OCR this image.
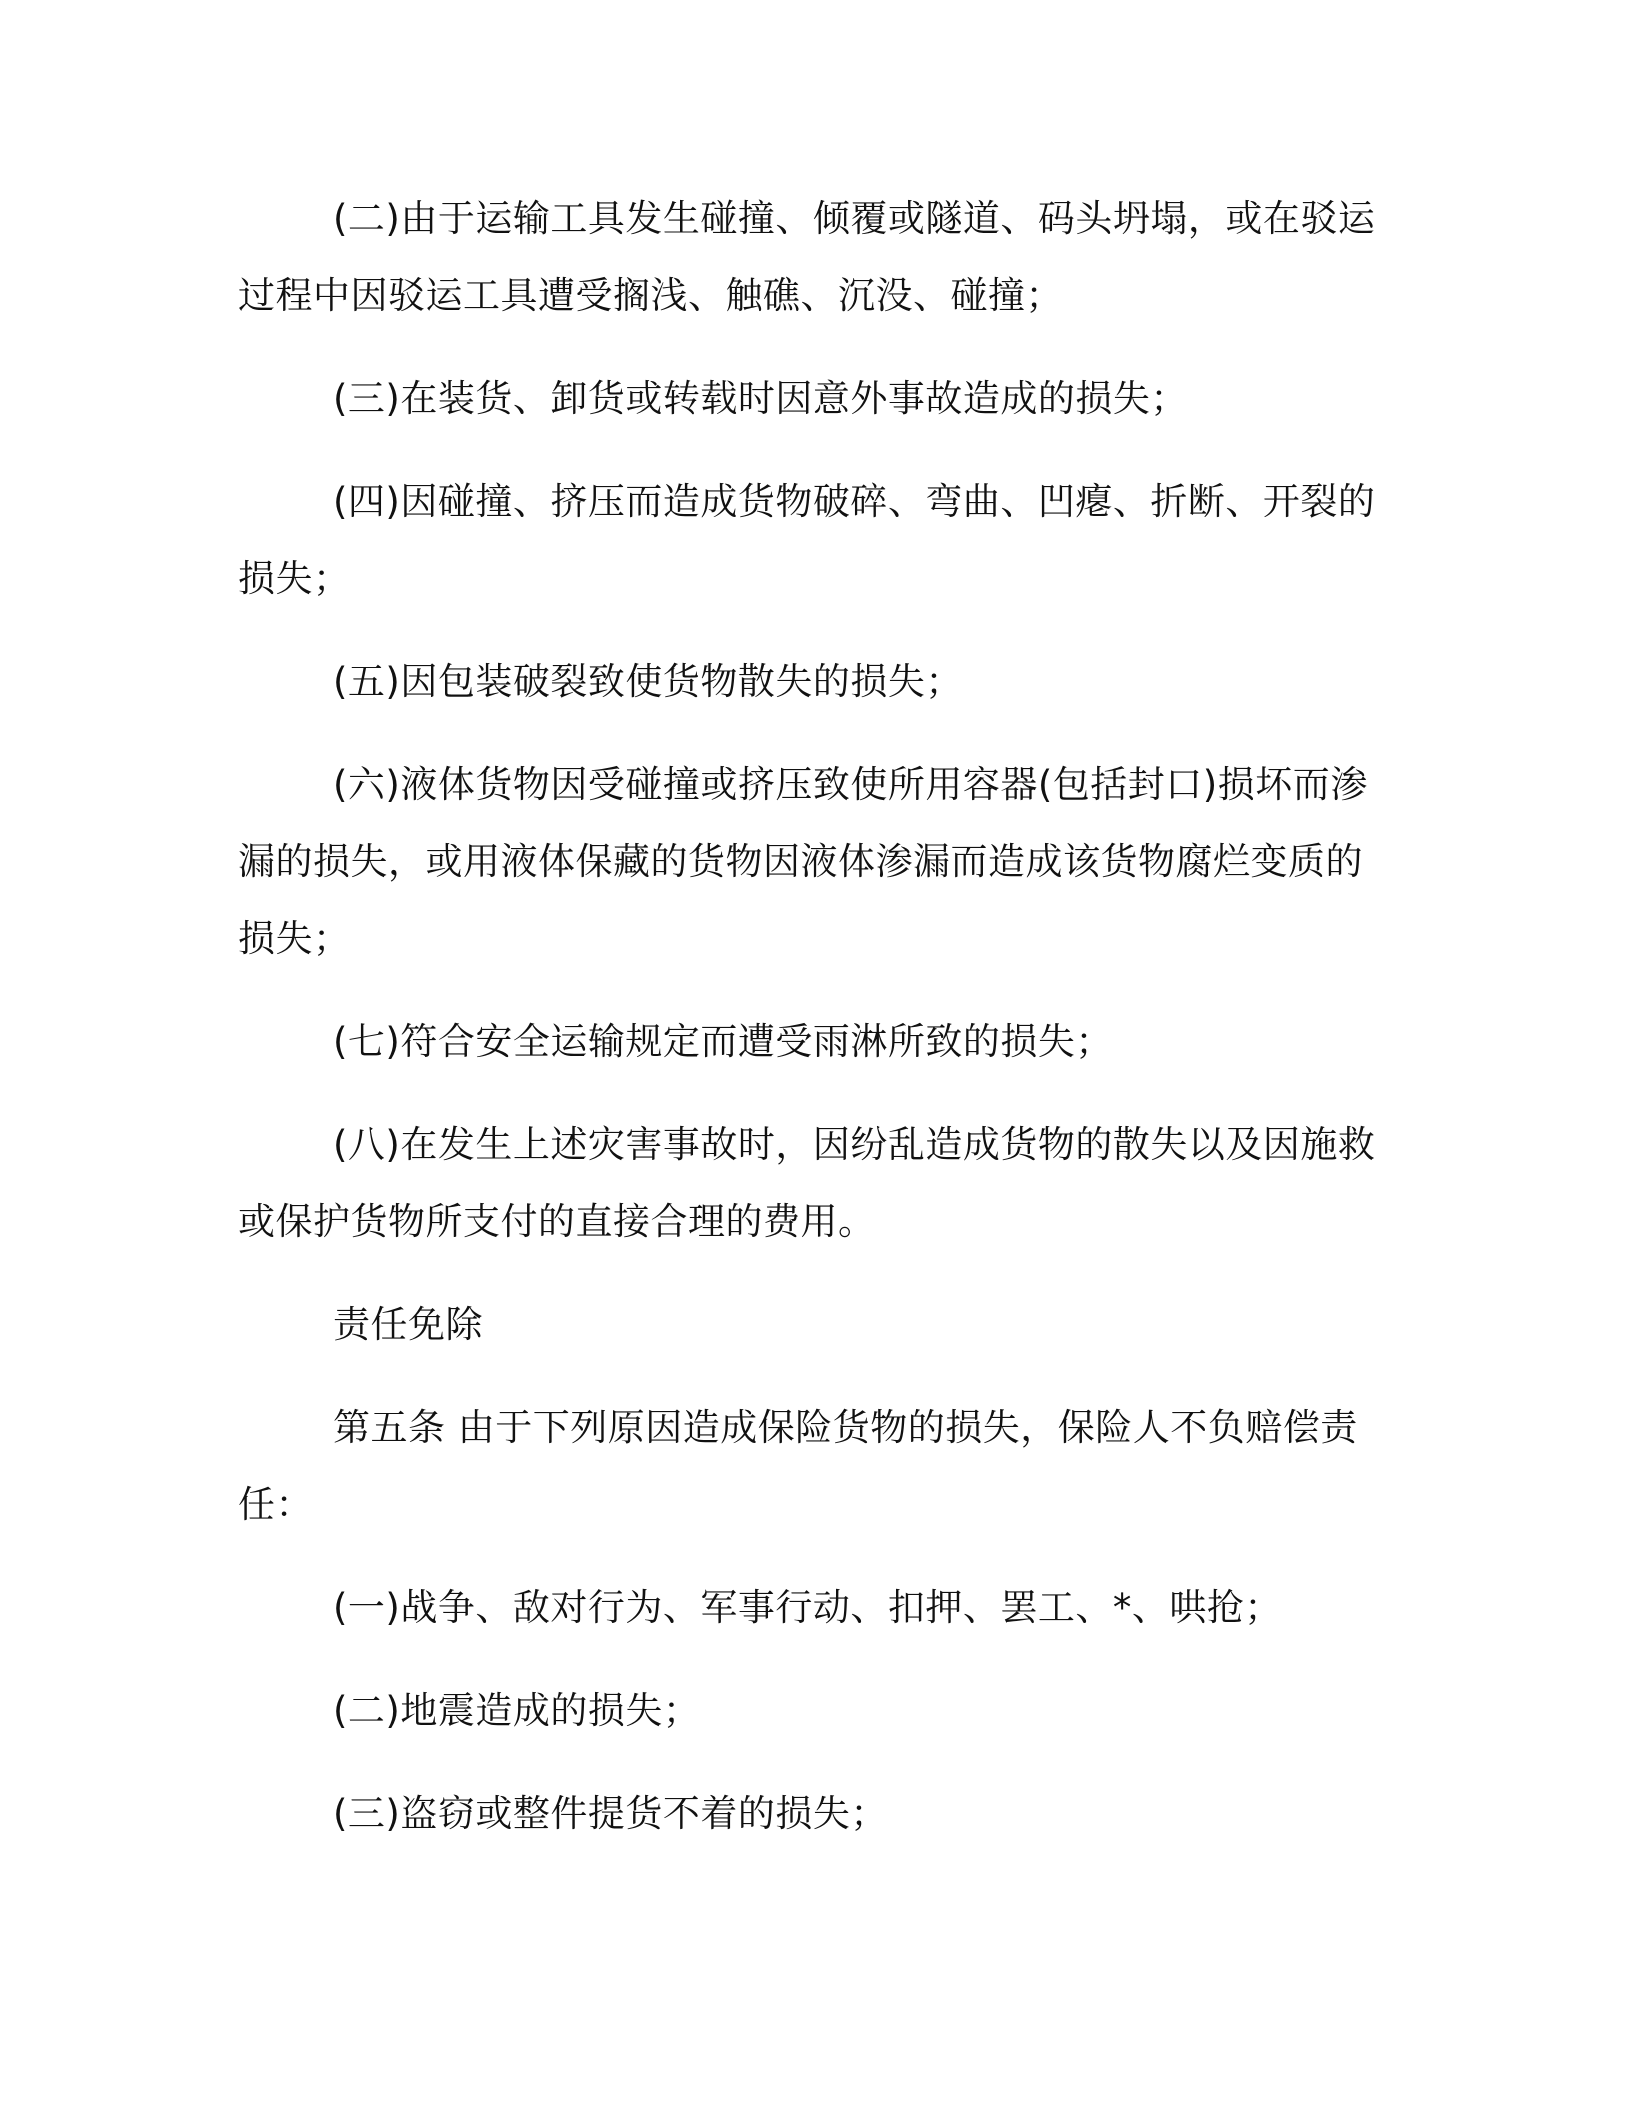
(二)由于运输工具发生碰撞、倾覆或隧道、码头坍塌，或在驳运过程中因驳运工具遭受搁浅、触礁、沉没、碰撞；

(三)在装货、卸货或转载时因意外事故造成的损失；

(四)因碰撞、挤压而造成货物破碎、弯曲、凹瘪、折断、开裂的损失；

(五)因包装破裂致使货物散失的损失；

(六)液体货物因受碰撞或挤压致使所用容器(包括封口)损坏而渗漏的损失，或用液体保藏的货物因液体渗漏而造成该货物腐烂变质的损失；

(七)符合安全运输规定而遭受雨淋所致的损失；

(八)在发生上述灾害事故时，因纷乱造成货物的散失以及因施救或保护货物所支付的直接合理的费用。

责任免除

第五条 由于下列原因造成保险货物的损失，保险人不负赔偿责任：

(一)战争、敌对行为、军事行动、扣押、罢工、*、哄抢；

(二)地震造成的损失；

(三)盗窃或整件提货不着的损失；
